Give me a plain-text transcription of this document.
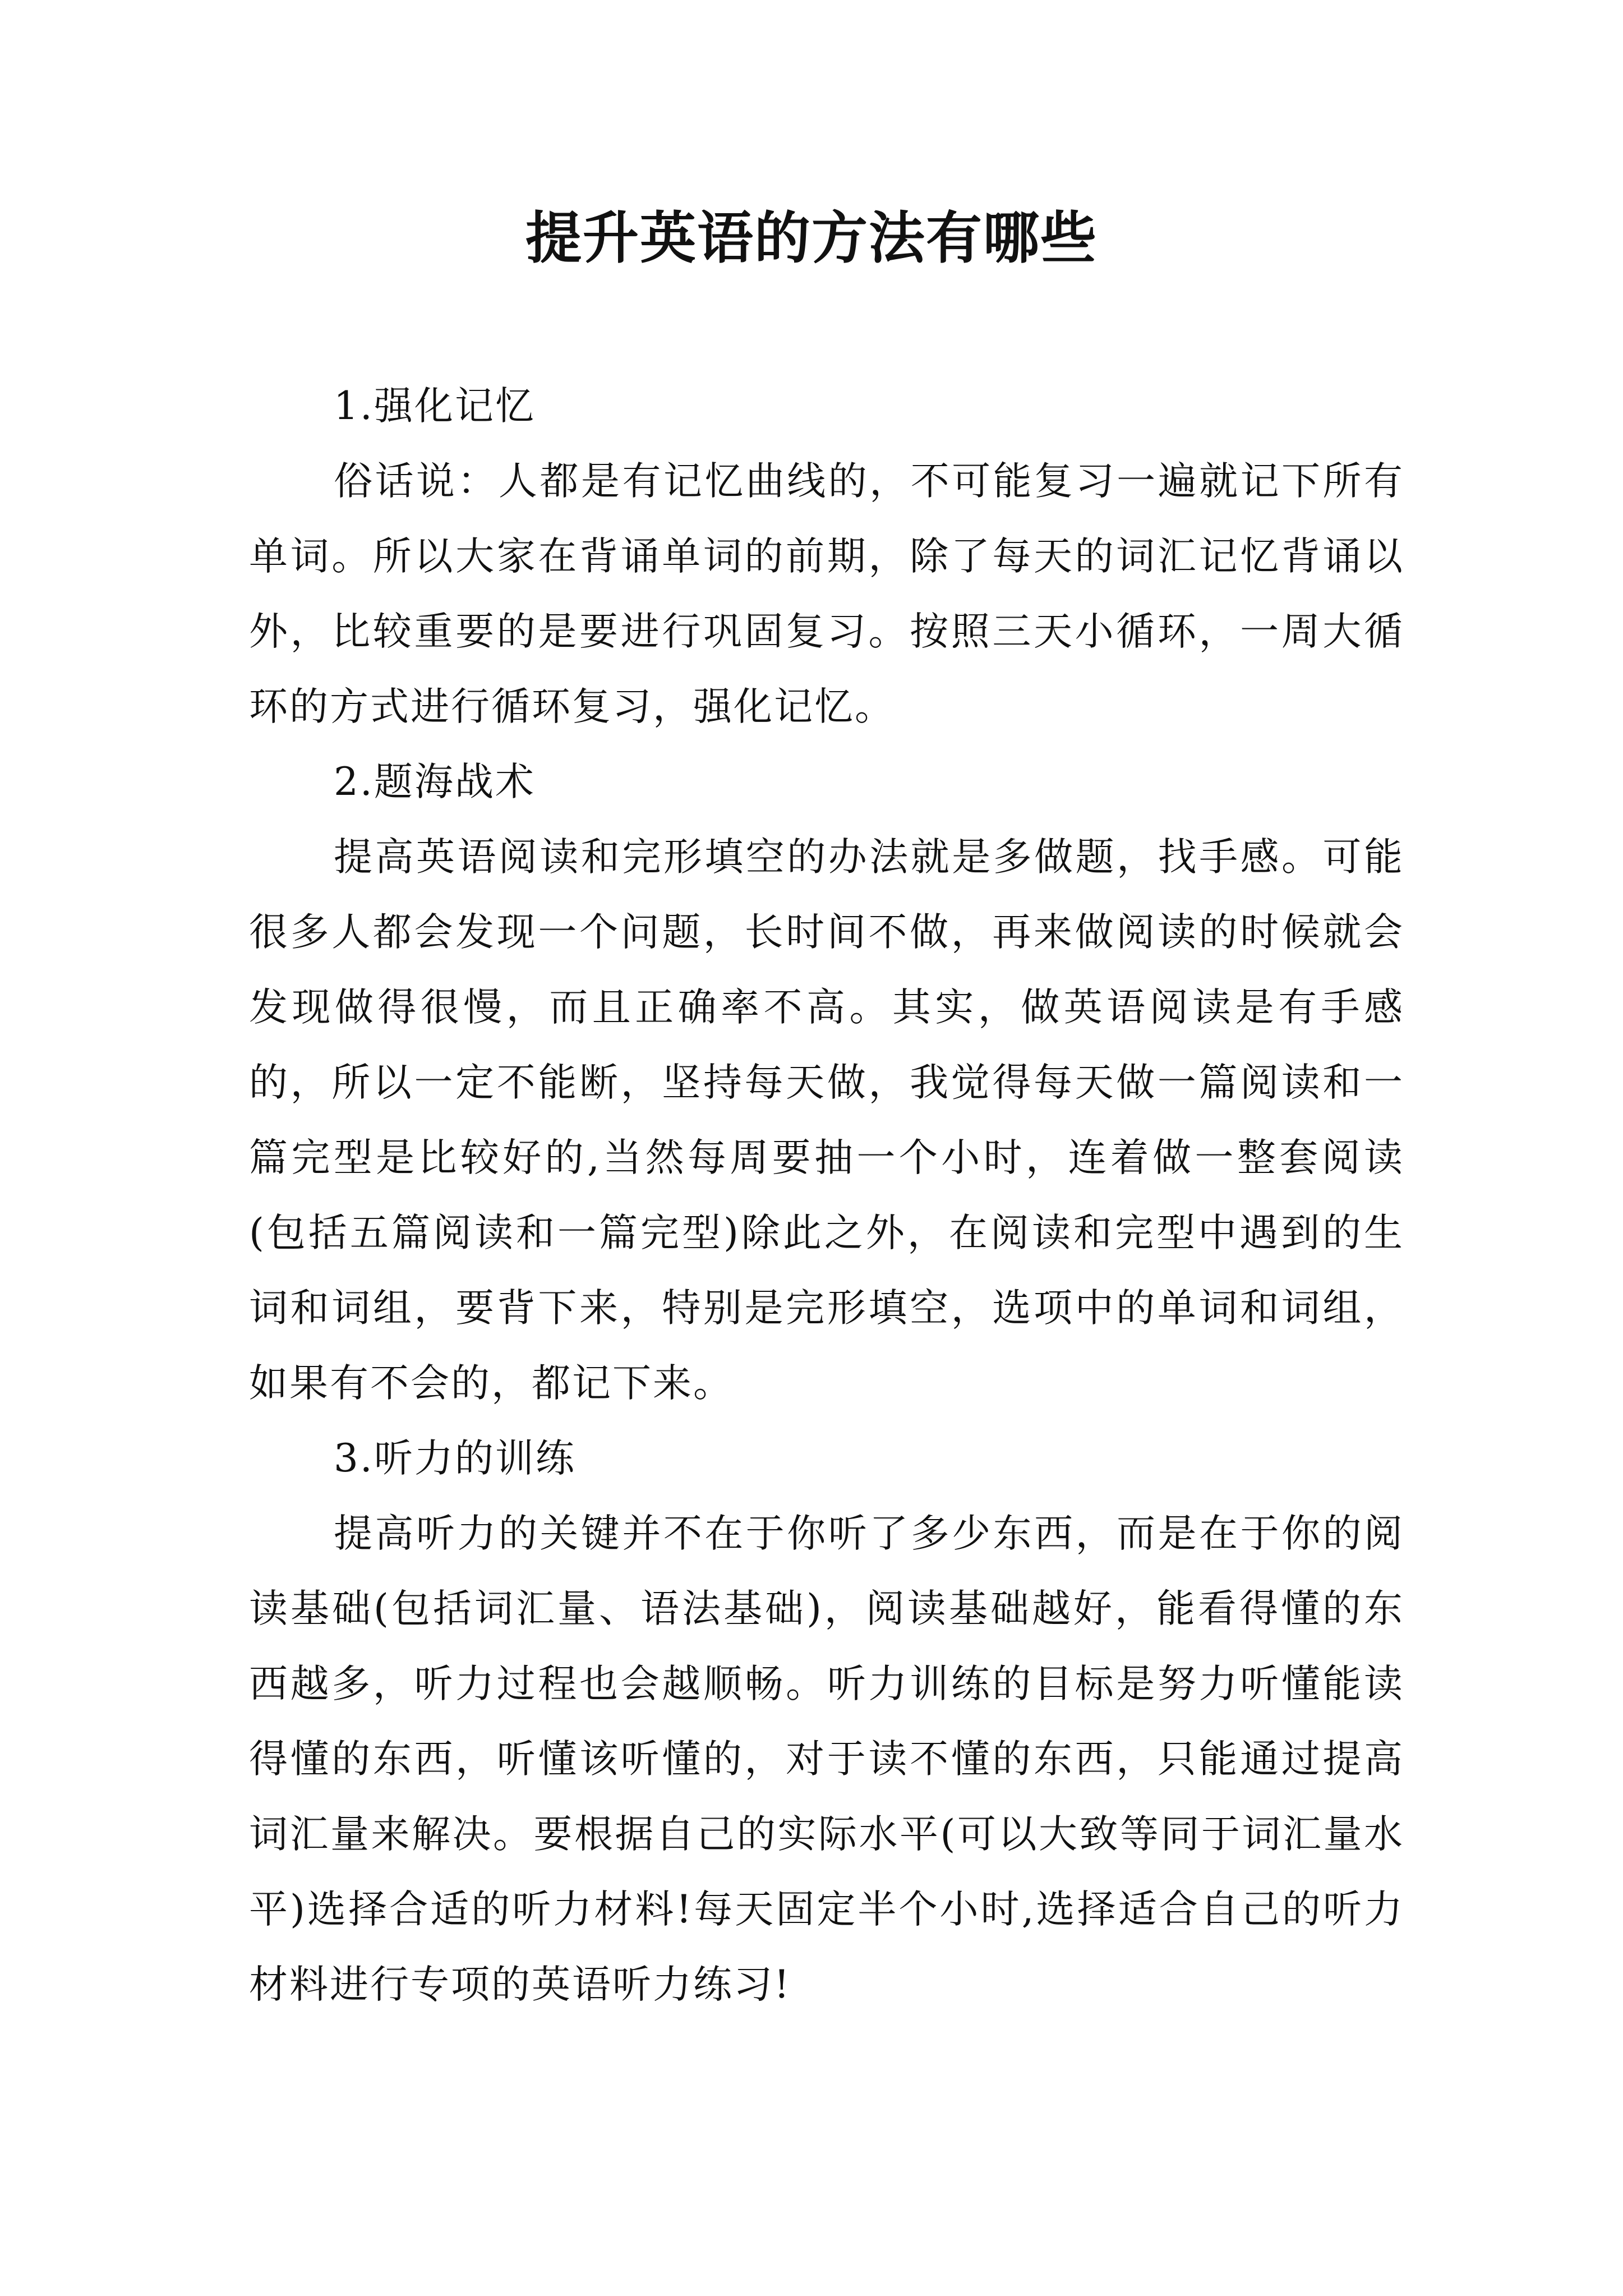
提升英语的方法有哪些

1.强化记忆

俗话说：人都是有记忆曲线的，不可能复习一遍就记下所有单词。所以大家在背诵单词的前期，除了每天的词汇记忆背诵以外，比较重要的是要进行巩固复习。按照三天小循环，一周大循环的方式进行循环复习，强化记忆。

2.题海战术

提高英语阅读和完形填空的办法就是多做题，找手感。可能很多人都会发现一个问题，长时间不做，再来做阅读的时候就会发现做得很慢，而且正确率不高。其实，做英语阅读是有手感的，所以一定不能断，坚持每天做，我觉得每天做一篇阅读和一篇完型是比较好的,当然每周要抽一个小时，连着做一整套阅读(包括五篇阅读和一篇完型)除此之外，在阅读和完型中遇到的生词和词组，要背下来，特别是完形填空，选项中的单词和词组，如果有不会的，都记下来。

3.听力的训练

提高听力的关键并不在于你听了多少东西，而是在于你的阅读基础(包括词汇量、语法基础)，阅读基础越好，能看得懂的东西越多，听力过程也会越顺畅。听力训练的目标是努力听懂能读得懂的东西，听懂该听懂的，对于读不懂的东西，只能通过提高词汇量来解决。要根据自己的实际水平(可以大致等同于词汇量水平)选择合适的听力材料!每天固定半个小时,选择适合自己的听力材料进行专项的英语听力练习!
